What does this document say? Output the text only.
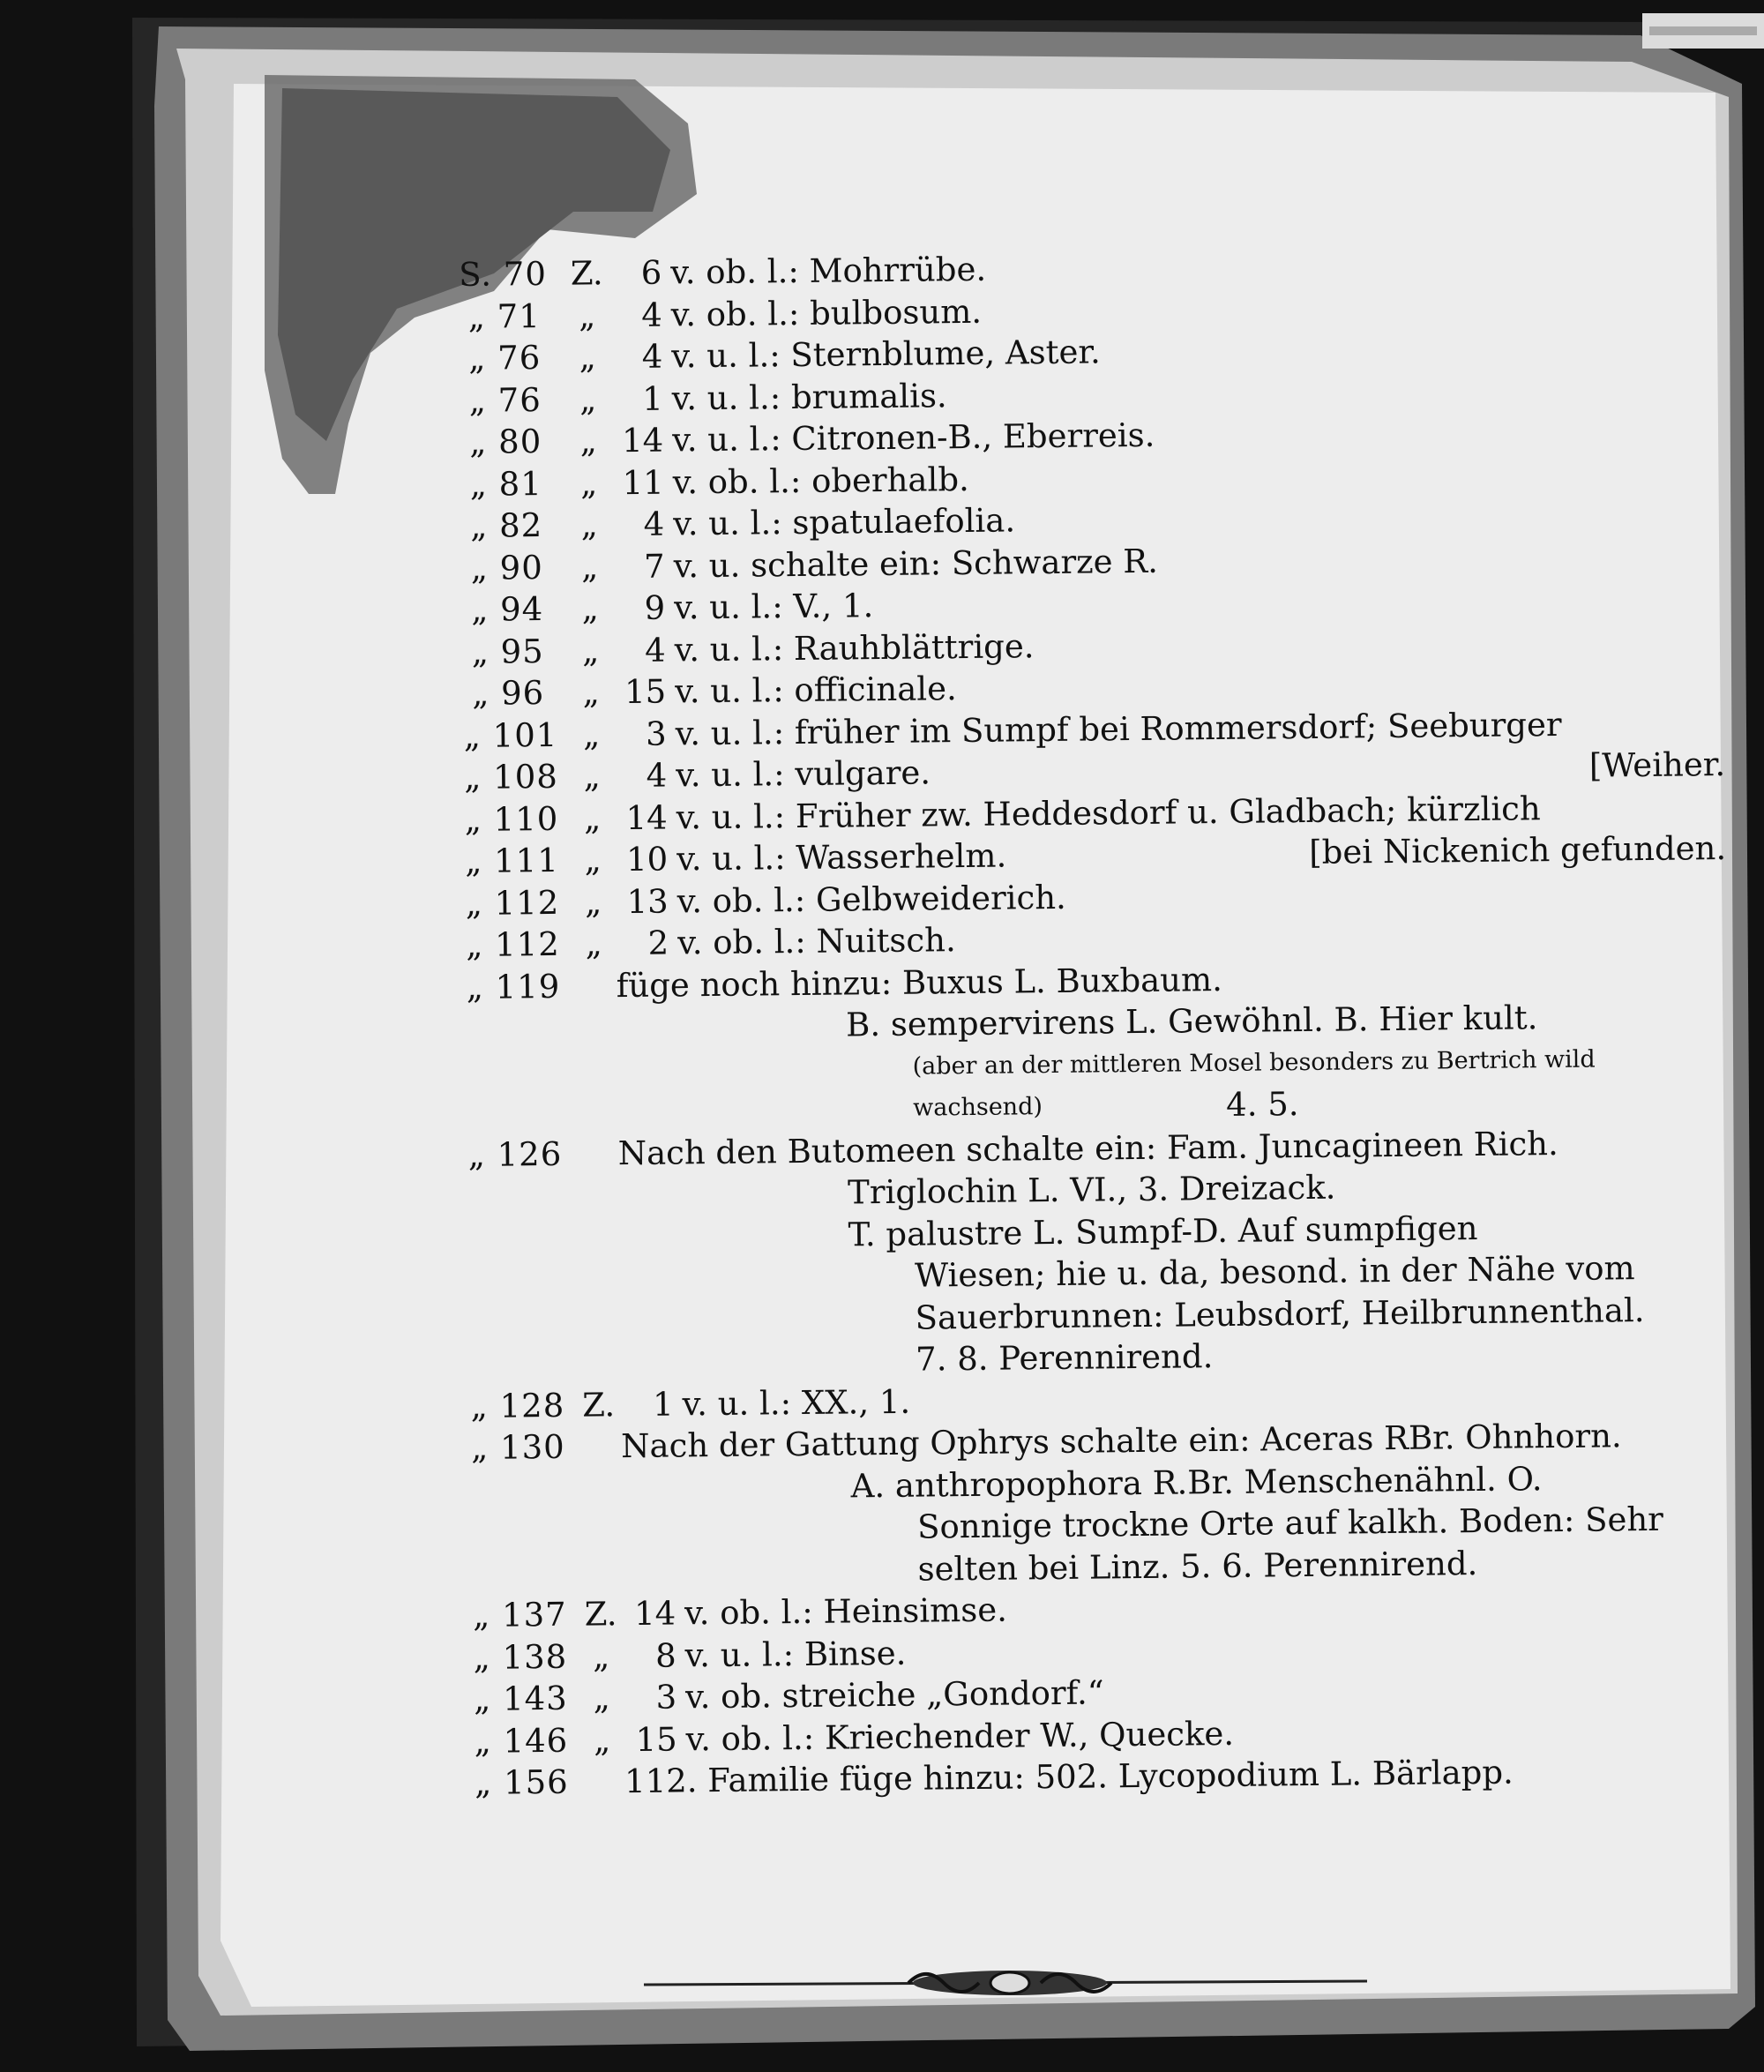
S. 70 Z.	6 v. ob. l.: Mohrrübe.
„ 71	„	4 v. ob. l.: bulbosum.
„ 76	„	4 v. u. l.: Sternblume, Aster.
„ 76	„	1 v. u. l.: brumalis.
„ 80	„ 14 v. u. l.: Citronen-B., Eberreis.
„ 81	„ 11 v. ob. l.: oberhalb.
„ 82	„	4 v. u. l.: spatulaefolia.
„ 90	„	7 v. u. schalte ein: Schwarze R.
„ 94	„	9 v. u. l.: V., 1.
„ 95	„	4 v. u. l.: Rauhblättrige.
„ 96	„ 15 v. u. l.: officinale.
„ 101 „	3 v. u. l.: früher im Sumpf bei Rommersdorf; Seeburger
„ 108 „	4 v. u. l.: vulgare.	[Weiher.
„ 110 „ 14 v. u. l.: Früher zw. Heddesdorf u. Gladbach; kürzlich
„ 111 „ 10 v. u. l.: Wasserhelm.	[bei Nickenich gefunden.
„ 112 „ 13 v. ob. l.: Gelbweiderich.
„ 112 „	2 v. ob. l.: Nuitsch.
„ 119 füge noch hinzu: Buxus L. Buxbaum.
B. sempervirens L. Gewöhnl. B. Hier kult.
(aber an der mittleren Mosel besonders zu Bertrich wild
wachsend)	4. 5.
„ 126 Nach den Butomeen schalte ein: Fam. Juncagineen Rich.
Triglochin L. VI., 3. Dreizack.
T. palustre L. Sumpf-D. Auf sumpfigen
Wiesen; hie u. da, besond. in der Nähe vom
Sauerbrunnen: Leubsdorf, Heilbrunnenthal.
7. 8. Perennirend.
„ 128 Z.	1 v. u. l.: XX., 1.
„ 130 Nach der Gattung Ophrys schalte ein: Aceras RBr. Ohnhorn.
A. anthropophora R.Br. Menschenähnl. O.
Sonnige trockne Orte auf kalkh. Boden: Sehr
selten bei Linz. 5. 6. Perennirend.
„ 137 Z. 14 v. ob. l.: Heinsimse.
„ 138 „	8 v. u. l.: Binse.
„ 143 „	3 v. ob. streiche „Gondorf.“
„ 146 „ 15 v. ob. l.: Kriechender W., Quecke.
„ 156 112. Familie füge hinzu: 502. Lycopodium L. Bärlapp.
